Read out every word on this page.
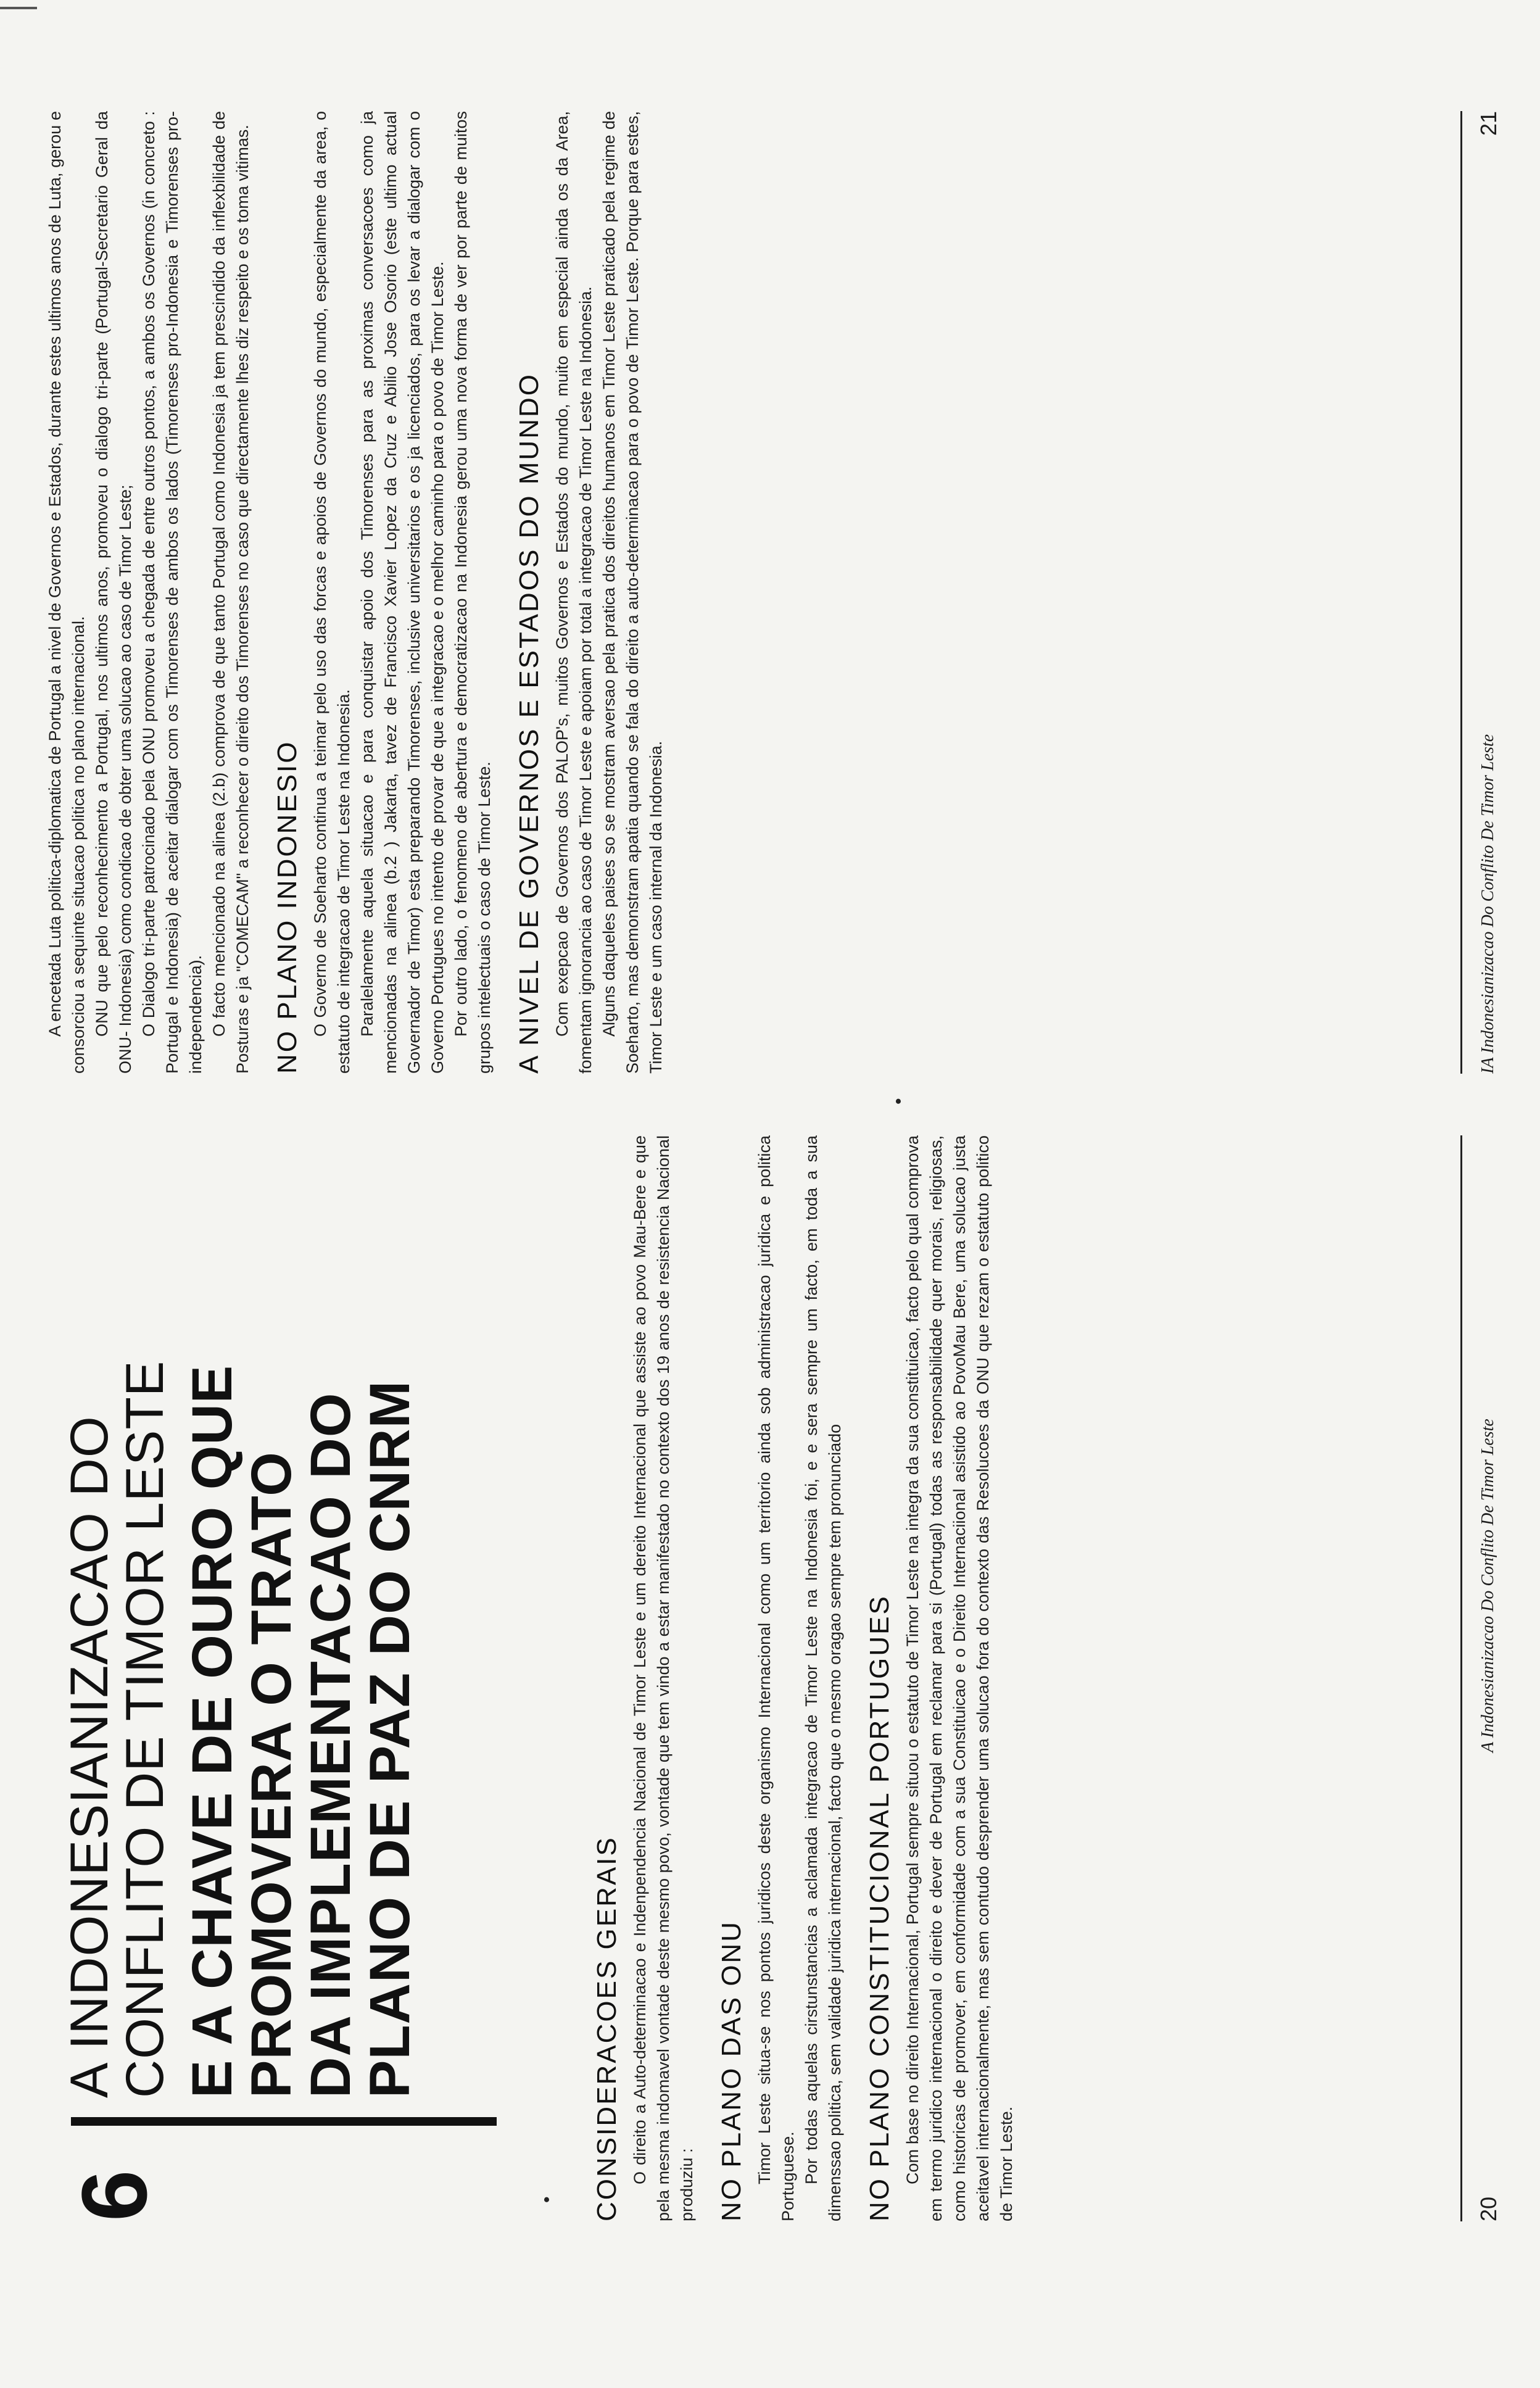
6
A INDONESIANIZACAO DO
CONFLITO DE TIMOR LESTE E A CHAVE DE OURO QUE
PROMOVERA O TRATO
DA IMPLEMENTACAO DO
PLANO DE PAZ DO CNRM
• CONSIDERACOES GERAIS O direito a Auto-determinacao e Indenpendencia Nacional de Timor Leste e um dereito Internacional que assiste ao povo Mau-Bere e que pela mesma indomavel vontade deste mesmo povo, vontade que tem vindo a estar manifestado no contexto dos 19 anos de resistencia Nacional produziu : NO PLANO DAS ONU Timor Leste situa-se nos pontos juridicos deste organismo Internacional como um territorio ainda sob administracao juridica e politica Portuguese. Por todas aquelas cirstunstancias a aclamada integracao de Timor Leste na Indonesia foi, e e sera sempre um facto, em toda a sua dimenssao politica, sem validade juridica internacional, facto que o mesmo oragao sempre tem pronunciado NO PLANO CONSTITUCIONAL PORTUGUES Com base no direito Internacional, Portugal sempre situou o estatuto de Timor Leste na integra da sua constituicao, facto pelo qual comprova em termo juridico internacional o direito e dever de Portugal em reclamar para si (Portugal) todas as responsabilidade quer morais, religiosas, como historicas de promover, em conformidade com a sua Constituicao e o Direito Internaciional asistido ao PovoMau Bere, uma solucao justa aceitavel internacionalmente, mas sem contudo desprender uma solucao fora do contexto das Resolucoes da ONU que rezam o estatuto politico de Timor Leste.	20
A Indonesianizacao Do Conflito De Timor Leste

A encetada Luta politica-diplomatica de Portugal a nivel de Governos e Estados, durante estes ultimos anos de Luta, gerou e consorciou a sequinte situacao politica no plano internacional. ONU que pelo reconhecimento a Portugal, nos ultimos anos, promoveu o dialogo tri-parte (Portugal-Secretario Geral da ONU- Indonesia) como condicao de obter uma solucao ao caso de Timor Leste; O Dialogo tri-parte patrocinado pela ONU promoveu a chegada de entre outros pontos, a ambos os Governos (in concreto : Portugal e Indonesia) de aceitar dialogar com os Timorenses de ambos os lados (Timorenses pro-Indonesia e Timorenses pro-independencia). O facto mencionado na alinea (2.b) comprova de que tanto Portugal como Indonesia ja tem prescindido da inflexbilidade de Posturas e ja "COMECAM" a reconhecer o direito dos Timorenses no caso que directamente lhes diz respeito e os toma vitimas. NO PLANO INDONESIO O Governo de Soeharto continua a teimar pelo uso das forcas e apoios de Governos do mundo, especialmente da area, o estatuto de integracao de Timor Leste na Indonesia. Paralelamente aquela situacao e para conquistar apoio dos Timorenses para as proximas conversacoes como ja mencionadas na alinea (b.2 ) Jakarta, tavez de Francisco Xavier Lopez da Cruz e Abilio Jose Osorio (este ultimo actual Governador de Timor) esta preparando Timorenses, inclusive universitarios e os ja licenciados, para os levar a dialogar com o Governo Portugues no intento de provar de que a integracao e o melhor caminho para o povo de Timor Leste. Por outro lado, o fenomeno de abertura e democratizacao na Indonesia gerou uma nova forma de ver por parte de muitos grupos intelectuais o caso de Timor Leste. A NIVEL DE GOVERNOS E ESTADOS DO MUNDO Com exepcao de Governos dos PALOP's, muitos Governos e Estados do mundo, muito em especial ainda os da Area, fomentam ignorancia ao caso de Timor Leste e apoiam por total a integracao de Timor Leste na Indonesia. Alguns daqueles paises so se mostram aversao pela pratica dos direitos humanos em Timor Leste praticado pela regime de Soeharto, mas demonstram apatia quando se fala do direito a auto-determinacao para o povo de Timor Leste. Porque para estes, Timor Leste e um caso internal da Indonesia.	IA Indonesianizacao Do Conflito De Timor Leste
21
•
